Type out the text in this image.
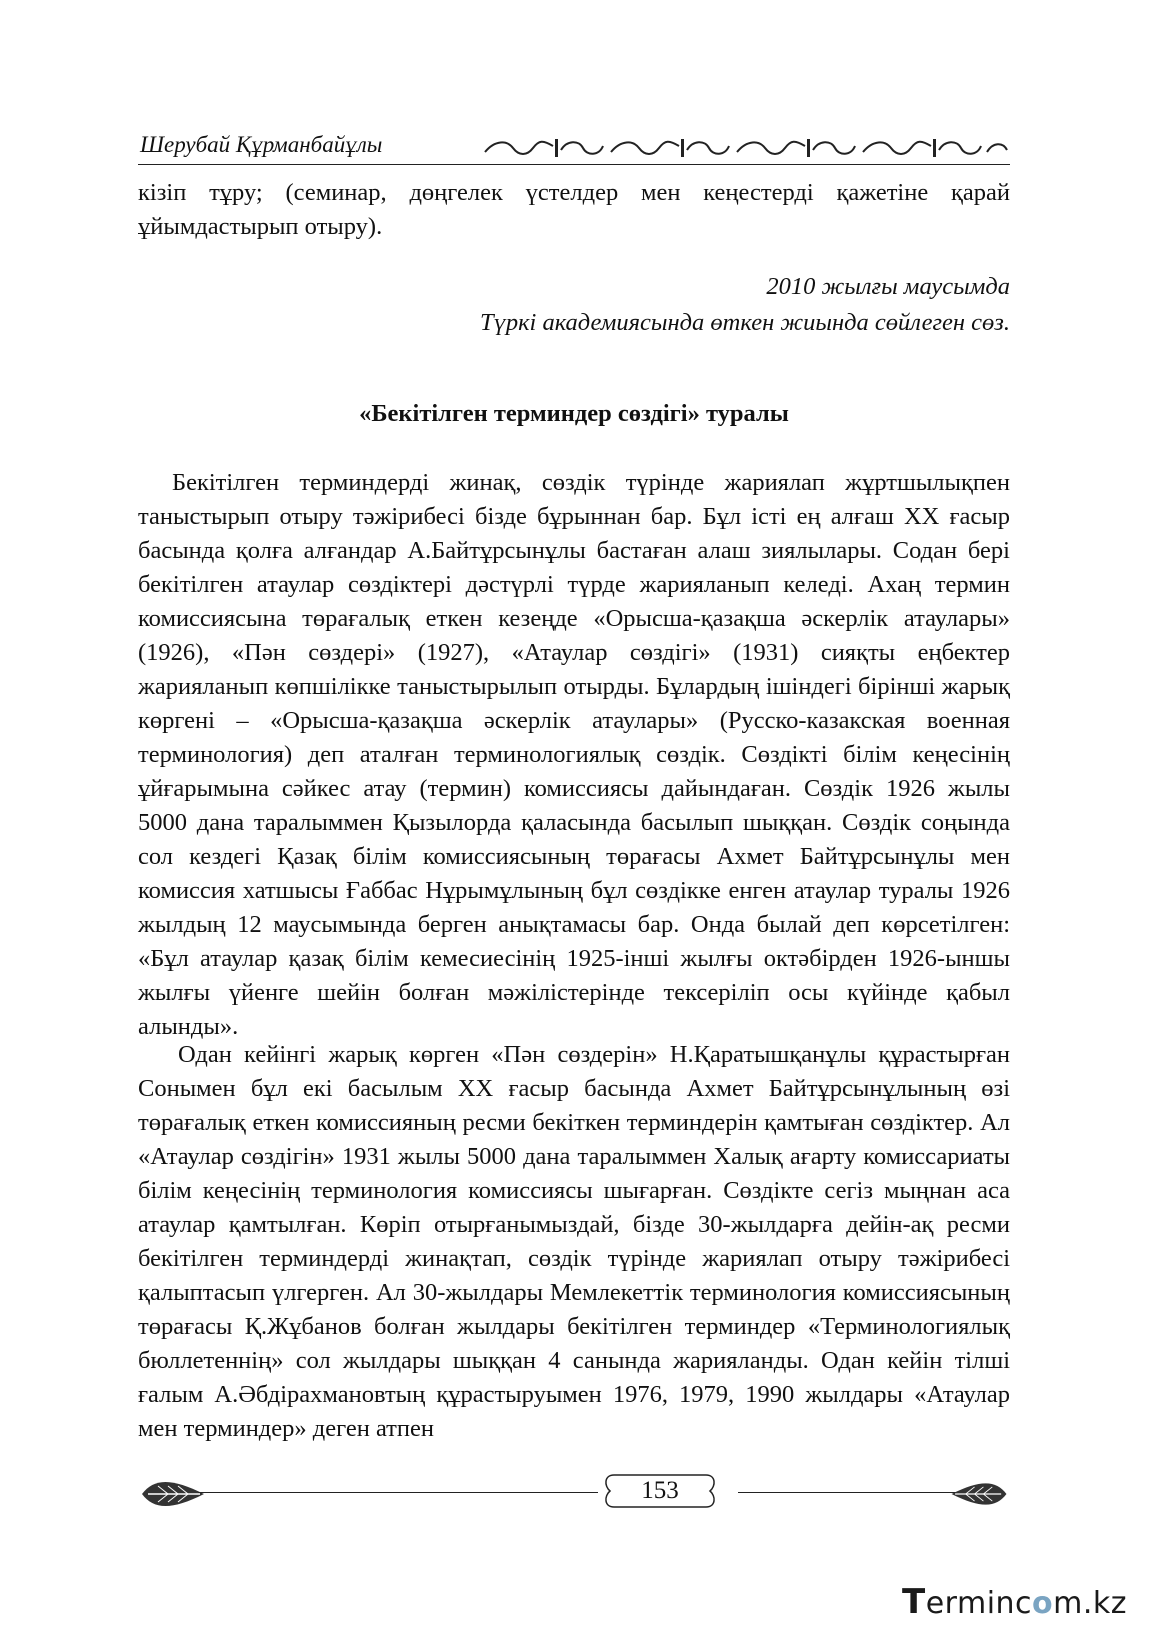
Шерубай Құрманбайұлы
кізіп тұру; (семинар, дөңгелек үстелдер мен кеңестерді қажетіне қарай ұйымдастырып отыру).
2010 жылғы маусымда
Түркі академиясында өткен жиында сөйлеген сөз.
«Бекітілген терминдер сөздігі» туралы
Бекітілген терминдерді жинақ, сөздік түрінде жариялап жұртшылықпен таныстырып отыру тәжірибесі бізде бұрыннан бар. Бұл істі ең алғаш XX ғасыр басында қолға алғандар А.Байтұрсынұлы бастаған алаш зиялылары. Содан бері бекітілген атаулар сөздіктері дәстүрлі түрде жарияланып келеді. Ахаң термин комиссиясына төрағалық еткен кезеңде «Орысша-қазақша әскерлік атаулары» (1926), «Пән сөздері» (1927), «Атаулар сөздігі» (1931) сияқты еңбектер жарияланып көпшілікке таныстырылып отырды. Бұлардың ішіндегі бірінші жарық көргені – «Орысша-қазақша әскерлік атаулары» (Русско-казакская военная терминология) деп аталған терминологиялық сөздік. Сөздікті білім кеңесінің ұйғарымына сәйкес атау (термин) комиссиясы дайындаған. Сөздік 1926 жылы 5000 дана таралыммен Қызылорда қаласында басылып шыққан. Сөздік соңында сол кездегі Қазақ білім комиссиясының төрағасы Ахмет Байтұрсынұлы мен комиссия хатшысы Ғаббас Нұрымұлының бұл сөздікке енген атаулар туралы 1926 жылдың 12 маусымында берген анықтамасы бар. Онда былай деп көрсетілген: «Бұл атаулар қазақ білім кемесиесінің 1925-інші жылғы октәбірден 1926-ыншы жылғы үйенге шейін болған мәжілістерінде тексеріліп осы күйінде қабыл алынды».
Одан кейінгі жарық көрген «Пән сөздерін» Н.Қаратышқанұлы құрастырған Сонымен бұл екі басылым XX ғасыр басында Ахмет Байтұрсынұлының өзі төрағалық еткен комиссияның ресми бекіткен терминдерін қамтыған сөздіктер. Ал «Атаулар сөздігін» 1931 жылы 5000 дана таралыммен Халық ағарту комиссариаты білім кеңесінің терминология комиссиясы шығарған. Сөздікте сегіз мыңнан аса атаулар қамтылған. Көріп отырғанымыздай, бізде 30-жылдарға дейін-ақ ресми бекітілген терминдерді жинақтап, сөздік түрінде жариялап отыру тәжірибесі қалыптасып үлгерген. Ал 30-жылдары Мемлекеттік терминология комиссиясының төрағасы Қ.Жұбанов болған жылдары бекітілген терминдер «Терминологиялық бюллетеннің» сол жылдары шыққан 4 санында жарияланды. Одан кейін тілші ғалым А.Әбдірахмановтың құрастыруымен 1976, 1979, 1990 жылдары «Атаулар мен терминдер» деген атпен
153
Termincom.kz
